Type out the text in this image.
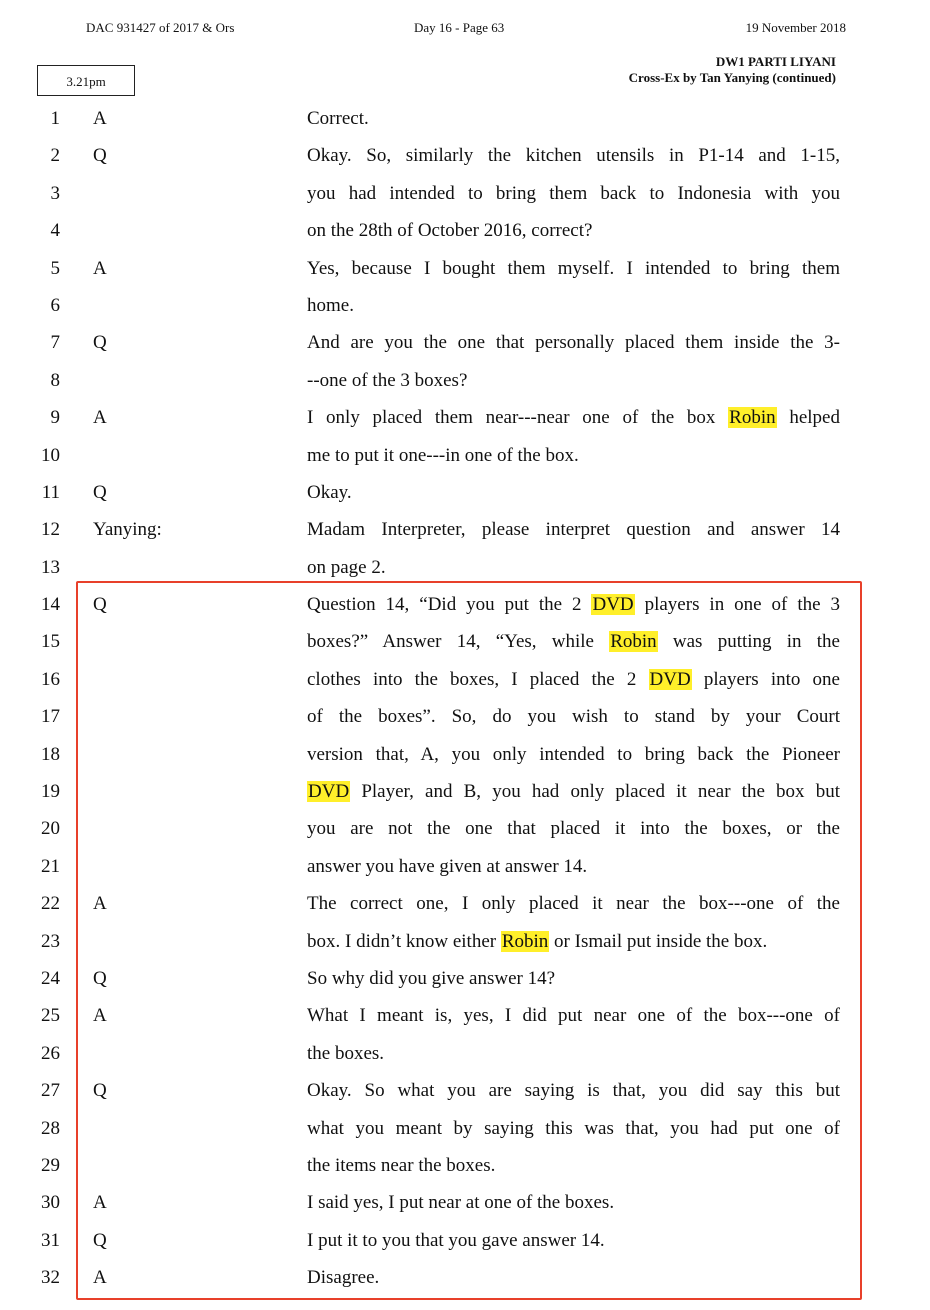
DAC 931427 of 2017 & Ors	Day 16 - Page 63	19 November 2018
DW1 PARTI LIYANI
Cross-Ex by Tan Yanying (continued)
3.21pm
1 A	Correct.
2 Q	Okay. So, similarly the kitchen utensils in P1-14 and 1-15,
3	you had intended to bring them back to Indonesia with you
4	on the 28th of October 2016, correct?
5 A	Yes, because I bought them myself. I intended to bring them
6	home.
7 Q	And are you the one that personally placed them inside the 3-
8	--one of the 3 boxes?
9 A	I only placed them near---near one of the box Robin helped
10	me to put it one---in one of the box.
11 Q	Okay.
12 Yanying:	Madam Interpreter, please interpret question and answer 14
13	on page 2.
14 Q	Question 14, “Did you put the 2 DVD players in one of the 3
15	boxes?” Answer 14, “Yes, while Robin was putting in the
16	clothes into the boxes, I placed the 2 DVD players into one
17	of the boxes”. So, do you wish to stand by your Court
18	version that, A, you only intended to bring back the Pioneer
19	DVD Player, and B, you had only placed it near the box but
20	you are not the one that placed it into the boxes, or the
21	answer you have given at answer 14.
22 A	The correct one, I only placed it near the box---one of the
23	box. I didn’t know either Robin or Ismail put inside the box.
24 Q	So why did you give answer 14?
25 A	What I meant is, yes, I did put near one of the box---one of
26	the boxes.
27 Q	Okay. So what you are saying is that, you did say this but
28	what you meant by saying this was that, you had put one of
29	the items near the boxes.
30 A	I said yes, I put near at one of the boxes.
31 Q	I put it to you that you gave answer 14.
32 A	Disagree.
